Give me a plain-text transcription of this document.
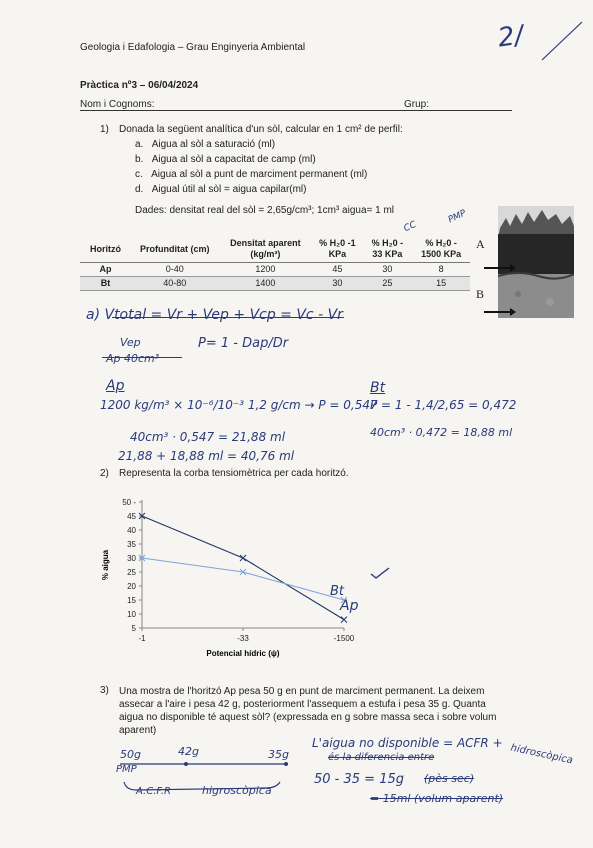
Geologia i Edafologia – Grau Enginyeria Ambiental	2/
Pràctica nº3 – 06/04/2024
Nom i Cognoms:	Grup:
1) Donada la següent analítica d'un sòl, calcular en 1 cm² de perfil:
a. Aigua al sòl a saturació (ml)
b. Aigua al sòl a capacitat de camp (ml)
c. Aigua al sòl a punt de marciment permanent (ml)
d. Aigual útil al sòl = aigua capilar(ml)
Dades: densitat real del sòl = 2,65g/cm³; 1cm³ aigua= 1 ml
CC
PMP
Horitzó	Profunditat (cm)	Densitat aparent (kg/m³)	% H₂0 -1 KPa	% H₂0 - 33 KPa	% H₂0 - 1500 KPa
Ap	0-40	1200	45	30	8
Bt	40-80	1400	30	25	15
A
B
a) Vtotal = Vr + Vep + Vcp = Vc - Vr
Vep
Ap 40cm³
P= 1 - Dap/Dr
Ap
1200 kg/m³ × 10⁻⁶/10⁻³ 1,2 g/cm → P = 0,547
40cm³ · 0,547 = 21,88 ml
21,88 + 18,88 ml = 40,76 ml
Bt
P = 1 - 1,4/2,65 = 0,472
40cm³ · 0,472 = 18,88 ml
2) Representa la corba tensiomètrica per cada horitzó.
5
10
15
20
25
30
35
40
45
50 -
-1	-33	-1500
% aigua
Potencial hídric (ψ)
Bt
Ap
3) Una mostra de l'horitzó Ap pesa 50 g en punt de marciment permanent. La deixem
assecar a l'aire i pesa 42 g, posteriorment l'assequem a estufa i pesa 35 g. Quanta
aigua no disponible té aquest sòl? (expressada en g sobre massa seca i sobre volum
aparent)
50g	42g	35g
PMP
A.C.F.R	higroscòpica
L'aigua no disponible = ACFR + hidroscòpica
és la diferencia entre
50 - 35 = 15g (pès sec)
= 15ml (volum aparent)
